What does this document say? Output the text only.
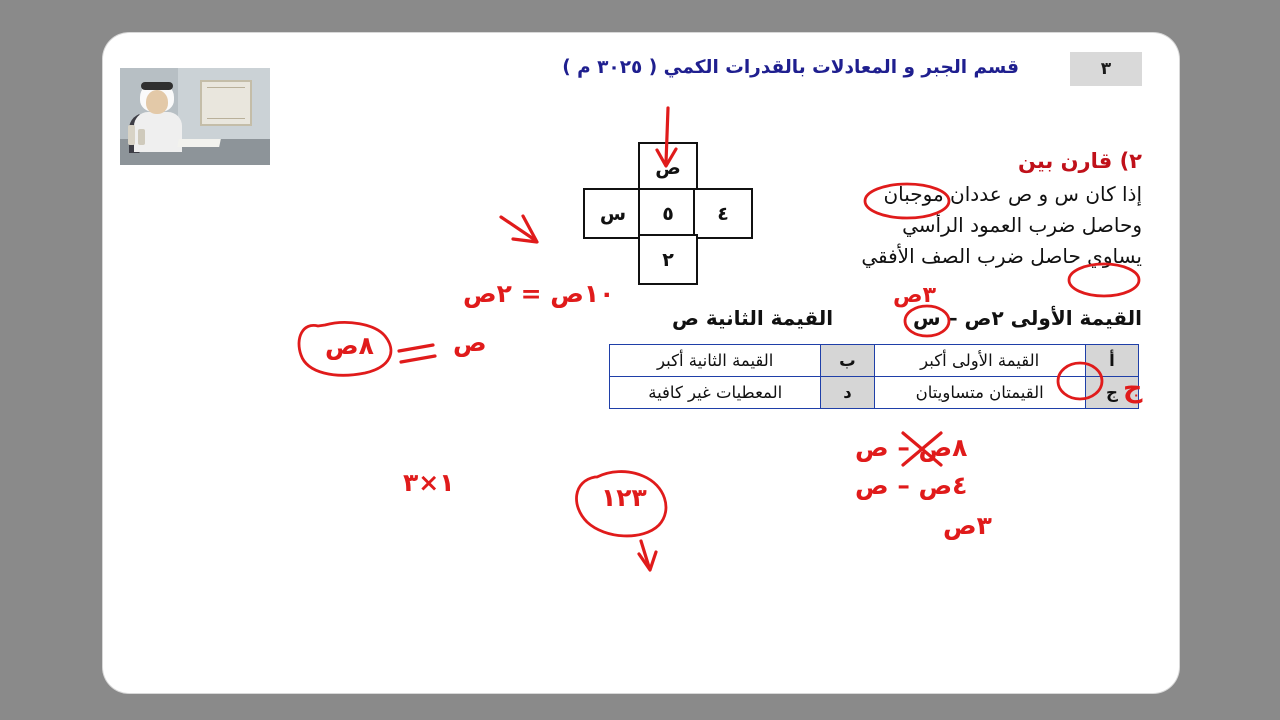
قسم الجبر و المعادلات بالقدرات الكمي ( ٣٠٢٥ م )	٣
ص
س	٥	٤
٢
٢) قارن بين
إذا كان س و ص عددان موجبان
وحاصل ضرب العمود الرأسي
يساوي حاصل ضرب الصف الأفقي
القيمة الأولى ٢ص – س
القيمة الثانية ص
أ	القيمة الأولى أكبر	ب	القيمة الثانية أكبر
ج	القيمتان متساويتان	د	المعطيات غير كافية
١٠ص = ٢ص
ص
٨ص
١×٣
١٢٣
٨ص – ص
٤ص – ص
٣ص
٣ص
ج
